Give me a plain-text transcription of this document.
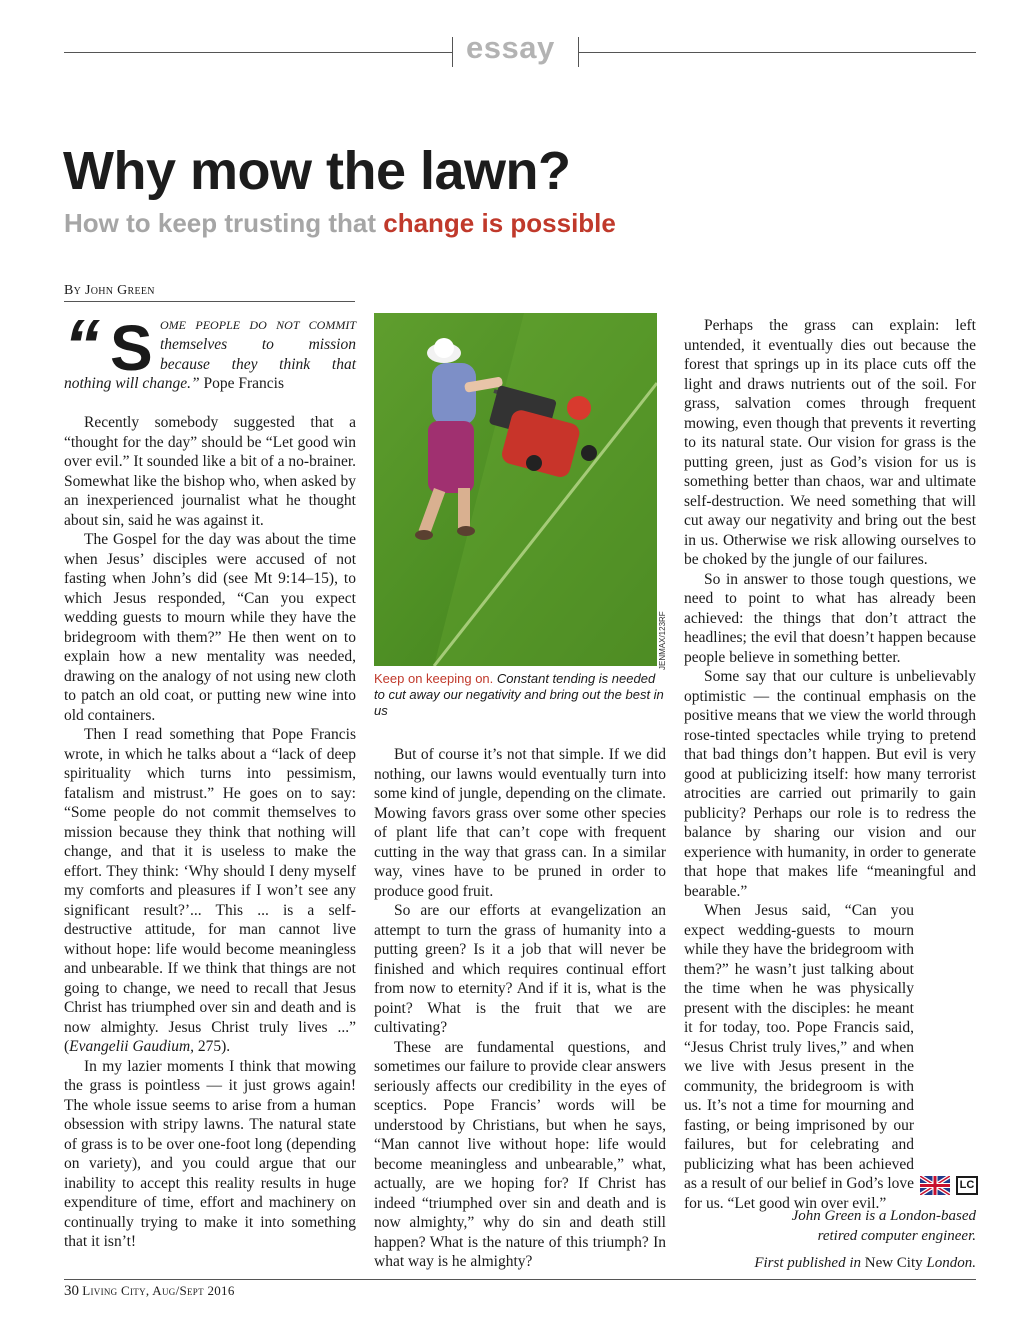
essay
Why mow the lawn?
How to keep trusting that change is possible
By John Green
“ S OME PEOPLE DO NOT COMMIT
themselves to mission
because they think that
nothing will change.” Pope Francis

Recently somebody suggested that a “thought for the day” should be “Let good win over evil.” It sounded like a bit of a no-brainer. Somewhat like the bishop who, when asked by an inexperienced journalist what he thought about sin, said he was against it.

The Gospel for the day was about the time when Jesus’ disciples were accused of not fasting when John’s did (see Mt 9:14–15), to which Jesus responded, “Can you expect wedding guests to mourn while they have the bridegroom with them?” He then went on to explain how a new mentality was needed, drawing on the analogy of not using new cloth to patch an old coat, or putting new wine into old containers.

Then I read something that Pope Francis wrote, in which he talks about a “lack of deep spirituality which turns into pessimism, fatalism and mistrust.” He goes on to say: “Some people do not commit themselves to mission because they think that nothing will change, and that it is useless to make the effort. They think: ‘Why should I deny myself my comforts and pleasures if I won’t see any significant result?’... This ... is a self-destructive attitude, for man cannot live without hope: life would become meaningless and unbearable. If we think that things are not going to change, we need to recall that Jesus Christ has triumphed over sin and death and is now almighty. Jesus Christ truly lives ...” (Evangelii Gaudium, 275).

In my lazier moments I think that mowing the grass is pointless — it just grows again! The whole issue seems to arise from a human obsession with stripy lawns. The natural state of grass is to be over one-foot long (depending on variety), and you could argue that our inability to accept this reality results in huge expenditure of time, effort and machinery on continually trying to make it into something that it isn’t!

JENMAX/123RF
Keep on keeping on. Constant tending is needed to cut away our negativity and bring out the best in us

But of course it’s not that simple. If we did nothing, our lawns would eventually turn into some kind of jungle, depending on the climate. Mowing favors grass over some other species of plant life that can’t cope with frequent cutting in the way that grass can. In a similar way, vines have to be pruned in order to produce good fruit.

So are our efforts at evangelization an attempt to turn the grass of humanity into a putting green? Is it a job that will never be finished and which requires continual effort from now to eternity? And if it is, what is the point? What is the fruit that we are cultivating?

These are fundamental questions, and sometimes our failure to provide clear answers seriously affects our credibility in the eyes of sceptics. Pope Francis’ words will be understood by Christians, but when he says, “Man cannot live without hope: life would become meaningless and unbearable,” what, actually, are we hoping for? If Christ has indeed “triumphed over sin and death and is now almighty,” why do sin and death still happen? What is the nature of this triumph? In what way is he almighty?

Perhaps the grass can explain: left untended, it eventually dies out because the forest that springs up in its place cuts off the light and draws nutrients out of the soil. For grass, salvation comes through frequent mowing, even though that prevents it reverting to its natural state. Our vision for grass is the putting green, just as God’s vision for us is something better than chaos, war and ultimate self-destruction. We need something that will cut away our negativity and bring out the best in us. Otherwise we risk allowing ourselves to be choked by the jungle of our failures.

So in answer to those tough questions, we need to point to what has already been achieved: the things that don’t attract the headlines; the evil that doesn’t happen because people believe in something better.

Some say that our culture is unbelievably optimistic — the continual emphasis on the positive means that we view the world through rose-tinted spectacles while trying to pretend that bad things don’t happen. But evil is very good at publicizing itself: how many terrorist atrocities are carried out primarily to gain publicity? Perhaps our role is to redress the balance by sharing our vision and our experience with humanity, in order to generate that hope that makes life “meaningful and bearable.”

When Jesus said, “Can you expect wedding-guests to mourn while they have the bridegroom with them?” he wasn’t just talking about the time when he was physically present with the disciples: he meant it for today, too. Pope Francis said, “Jesus Christ truly lives,” and when we live with Jesus present in the community, the bridegroom is with us. It’s not a time for mourning and fasting, or being imprisoned by our failures, but for celebrating and publicizing what has been achieved as a result of our belief in God’s love for us. “Let good win over evil.”

LC
John Green is a London-based
retired computer engineer.
First published in New City London.
30 Living City, Aug/Sept 2016
